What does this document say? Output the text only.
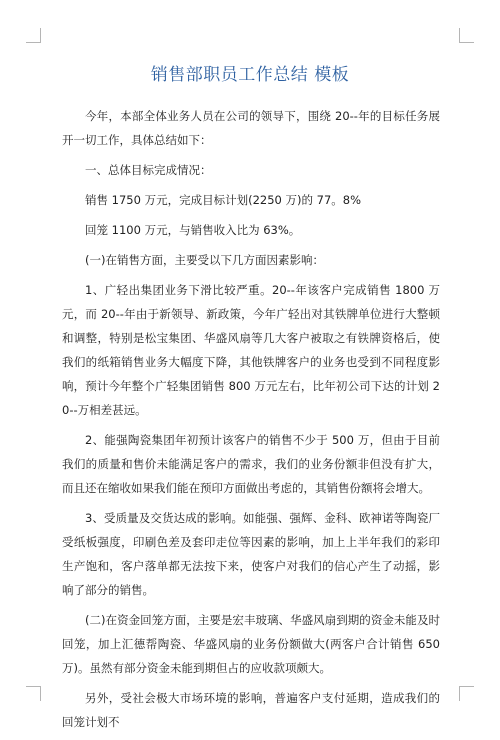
销售部职员工作总结 模板

今年，本部全体业务人员在公司的领导下，围绕 20--年的目标任务展开一切工作，具体总结如下：

一、总体目标完成情况：

销售 1750 万元，完成目标计划(2250 万)的 77。8%

回笼 1100 万元，与销售收入比为 63%。

(一)在销售方面，主要受以下几方面因素影响：

1、广轻出集团业务下滑比较严重。20--年该客户完成销售 1800 万元，而 20--年由于新领导、新政策，今年广轻出对其铁牌单位进行大整顿和调整，特别是松宝集团、华盛风扇等几大客户被取之有铁牌资格后，使我们的纸箱销售业务大幅度下降，其他铁牌客户的业务也受到不同程度影响，预计今年整个广轻集团销售 800 万元左右，比年初公司下达的计划 20--万相差甚远。

2、能强陶瓷集团年初预计该客户的销售不少于 500 万，但由于目前我们的质量和售价未能满足客户的需求，我们的业务份额非但没有扩大，而且还在缩收如果我们能在预印方面做出考虑的，其销售份额将会增大。

3、受质量及交货达成的影响。如能强、强辉、金科、欧神诺等陶瓷厂受纸板强度，印刷色差及套印走位等因素的影响，加上上半年我们的彩印生产饱和，客户落单都无法按下来，使客户对我们的信心产生了动摇，影响了部分的销售。

(二)在资金回笼方面，主要是宏丰玻璃、华盛风扇到期的资金未能及时回笼，加上汇德帮陶瓷、华盛风扇的业务份额做大(两客户合计销售 650 万)。虽然有部分资金未能到期但占的应收款项颇大。

另外，受社会极大市场环境的影响，普遍客户支付延期，造成我们的回笼计划不
